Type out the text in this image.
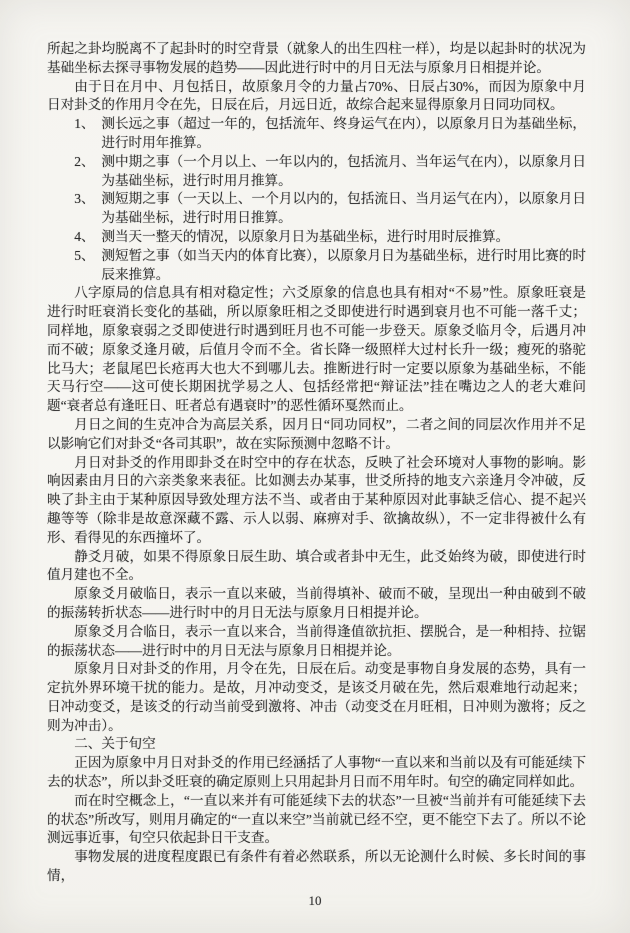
所起之卦均脱离不了起卦时的时空背景（就象人的出生四柱一样），均是以起卦时的状况为基础坐标去探寻事物发展的趋势——因此进行时中的月日无法与原象月日相提并论。

由于日在月中、月包括日，故原象月令的力量占70%、日辰占30%，而因为原象中月日对卦爻的作用月令在先，日辰在后，月远日近，故综合起来显得原象月日同功同权。

1、 测长远之事（超过一年的，包括流年、终身运气在内），以原象月日为基础坐标，进行时用年推算。
2、 测中期之事（一个月以上、一年以内的，包括流月、当年运气在内），以原象月日为基础坐标，进行时用月推算。
3、 测短期之事（一天以上、一个月以内的，包括流日、当月运气在内），以原象月日为基础坐标，进行时用日推算。
4、 测当天一整天的情况，以原象月日为基础坐标，进行时用时辰推算。
5、 测短暂之事（如当天内的体育比赛），以原象月日为基础坐标，进行时用比赛的时辰来推算。

八字原局的信息具有相对稳定性；六爻原象的信息也具有相对“不易”性。原象旺衰是进行时旺衰消长变化的基础，所以原象旺相之爻即使进行时遇到衰月也不可能一落千丈；同样地，原象衰弱之爻即使进行时遇到旺月也不可能一步登天。原象爻临月令，后遇月冲而不破；原象爻逢月破，后值月令而不全。省长降一级照样大过村长升一级；瘦死的骆驼比马大；老鼠尾巴长疮再大也大不到哪儿去。推断进行时一定要以原象为基础坐标，不能天马行空——这可使长期困扰学易之人、包括经常把“辩证法”挂在嘴边之人的老大难问题“衰者总有逢旺日、旺者总有遇衰时”的恶性循环戛然而止。

月日之间的生克冲合为高层关系，因月日“同功同权”，二者之间的同层次作用并不足以影响它们对卦爻“各司其职”，故在实际预测中忽略不计。

月日对卦爻的作用即卦爻在时空中的存在状态，反映了社会环境对人事物的影响。影响因素由月日的六亲类象来表征。比如测去办某事，世爻所持的地支六亲逢月令冲破，反映了卦主由于某种原因导致处理方法不当、或者由于某种原因对此事缺乏信心、提不起兴趣等等（除非是故意深藏不露、示人以弱、麻痹对手、欲擒故纵），不一定非得被什么有形、看得见的东西撞坏了。

静爻月破，如果不得原象日辰生助、填合或者卦中无生，此爻始终为破，即使进行时值月建也不全。

原象爻月破临日，表示一直以来破，当前得填补、破而不破，呈现出一种由破到不破的振荡转折状态——进行时中的月日无法与原象月日相提并论。

原象爻月合临日，表示一直以来合，当前得逢值欲抗拒、摆脱合，是一种相持、拉锯的振荡状态——进行时中的月日无法与原象月日相提并论。

原象月日对卦爻的作用，月令在先，日辰在后。动变是事物自身发展的态势，具有一定抗外界环境干扰的能力。是故，月冲动变爻，是该爻月破在先，然后艰难地行动起来；日冲动变爻，是该爻的行动当前受到激将、冲击（动变爻在月旺相，日冲则为激将；反之则为冲击）。

二、关于旬空

正因为原象中月日对卦爻的作用已经涵括了人事物“一直以来和当前以及有可能延续下去的状态”，所以卦爻旺衰的确定原则上只用起卦月日而不用年时。旬空的确定同样如此。

而在时空概念上，“一直以来并有可能延续下去的状态”一旦被“当前并有可能延续下去的状态”所改写，则用月确定的“一直以来空”当前就已经不空，更不能空下去了。所以不论测远事近事，旬空只依起卦日干支查。

事物发展的进度程度跟已有条件有着必然联系，所以无论测什么时候、多长时间的事情，

10
